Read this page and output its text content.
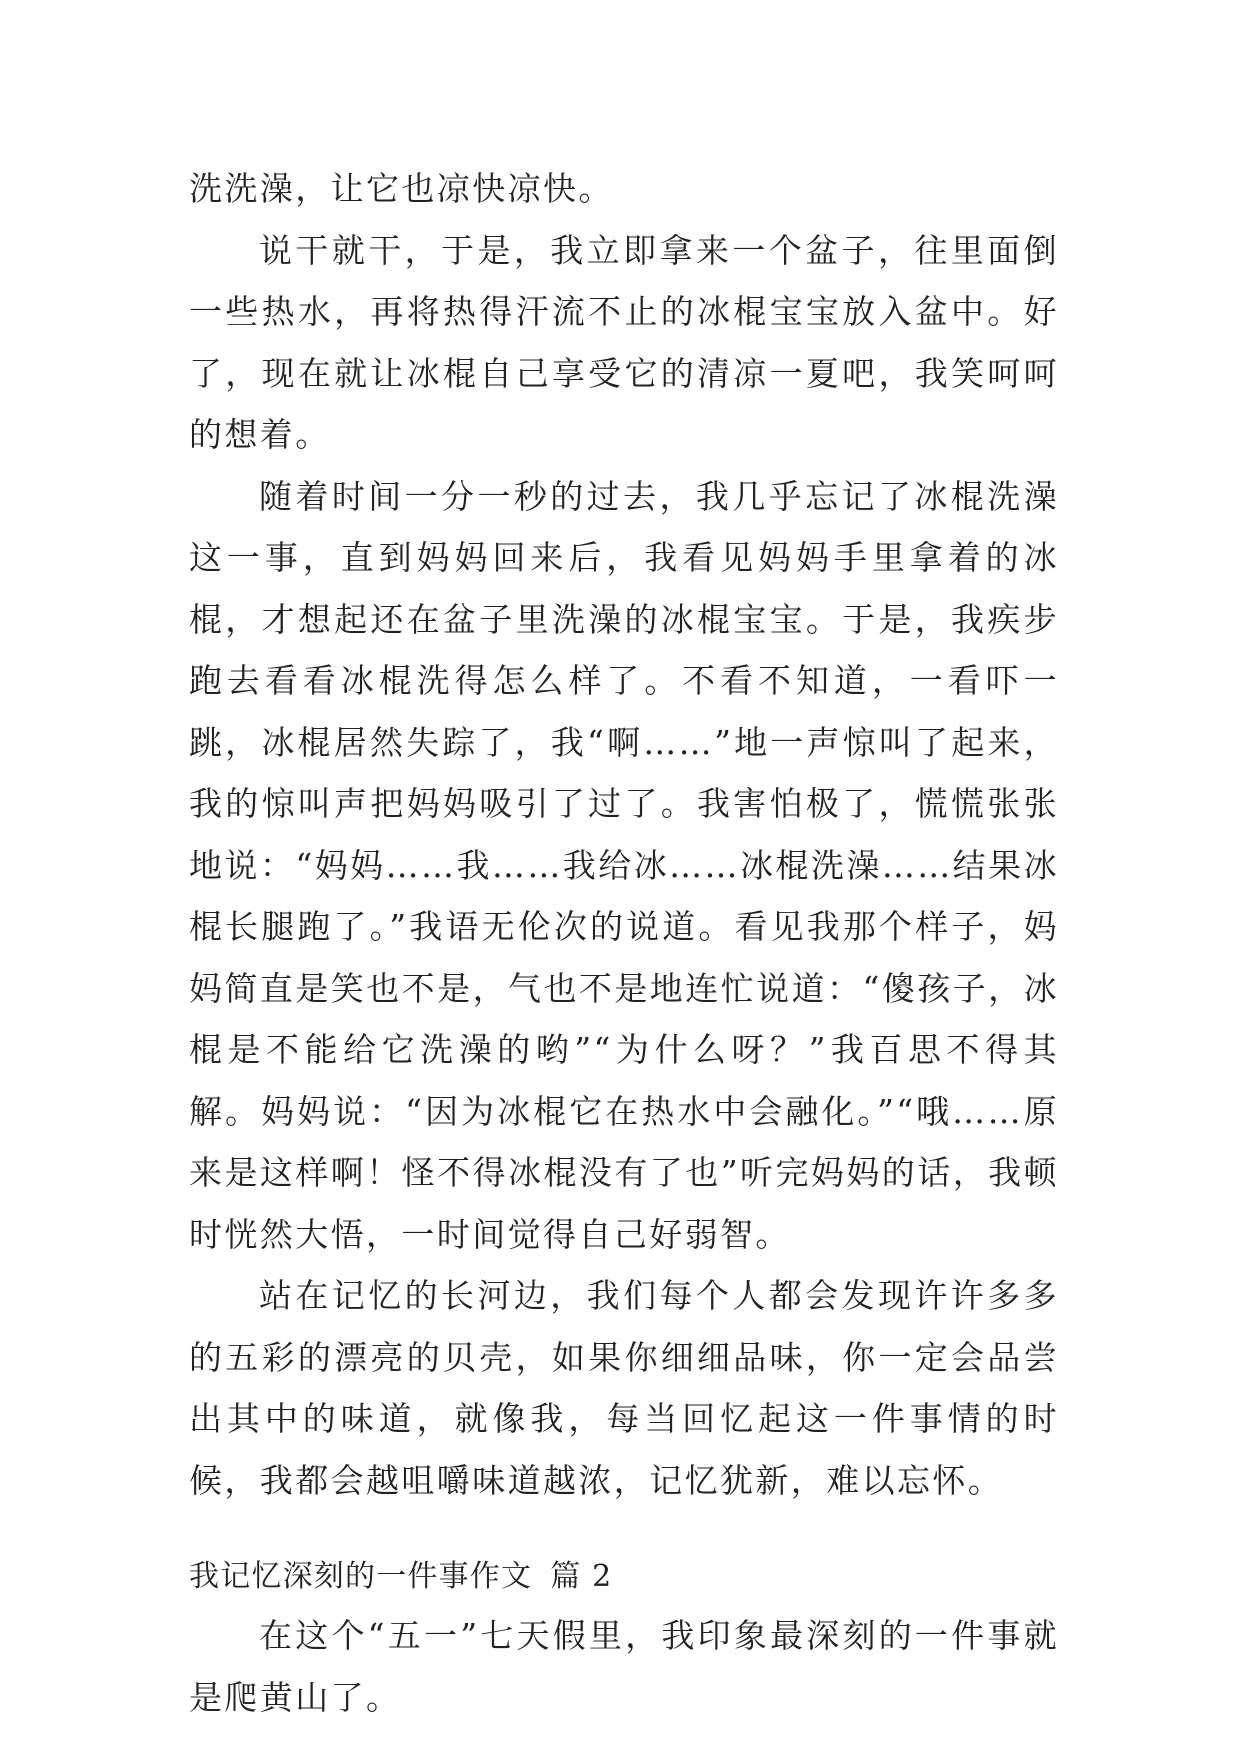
洗洗澡，让它也凉快凉快。

说干就干，于是，我立即拿来一个盆子，往里面倒一些热水，再将热得汗流不止的冰棍宝宝放入盆中。好了，现在就让冰棍自己享受它的清凉一夏吧，我笑呵呵的想着。

随着时间一分一秒的过去，我几乎忘记了冰棍洗澡这一事，直到妈妈回来后，我看见妈妈手里拿着的冰棍，才想起还在盆子里洗澡的冰棍宝宝。于是，我疾步跑去看看冰棍洗得怎么样了。不看不知道，一看吓一跳，冰棍居然失踪了，我“啊……”地一声惊叫了起来，我的惊叫声把妈妈吸引了过了。我害怕极了，慌慌张张地说：“妈妈……我……我给冰……冰棍洗澡……结果冰棍长腿跑了。”我语无伦次的说道。看见我那个样子，妈妈简直是笑也不是，气也不是地连忙说道：“傻孩子，冰棍是不能给它洗澡的哟”“为什么呀？”我百思不得其解。妈妈说：“因为冰棍它在热水中会融化。”“哦……原来是这样啊！怪不得冰棍没有了也”听完妈妈的话，我顿时恍然大悟，一时间觉得自己好弱智。

站在记忆的长河边，我们每个人都会发现许许多多的五彩的漂亮的贝壳，如果你细细品味，你一定会品尝出其中的味道，就像我，每当回忆起这一件事情的时候，我都会越咀嚼味道越浓，记忆犹新，难以忘怀。

我记忆深刻的一件事作文 篇 2

在这个“五一”七天假里，我印象最深刻的一件事就是爬黄山了。
